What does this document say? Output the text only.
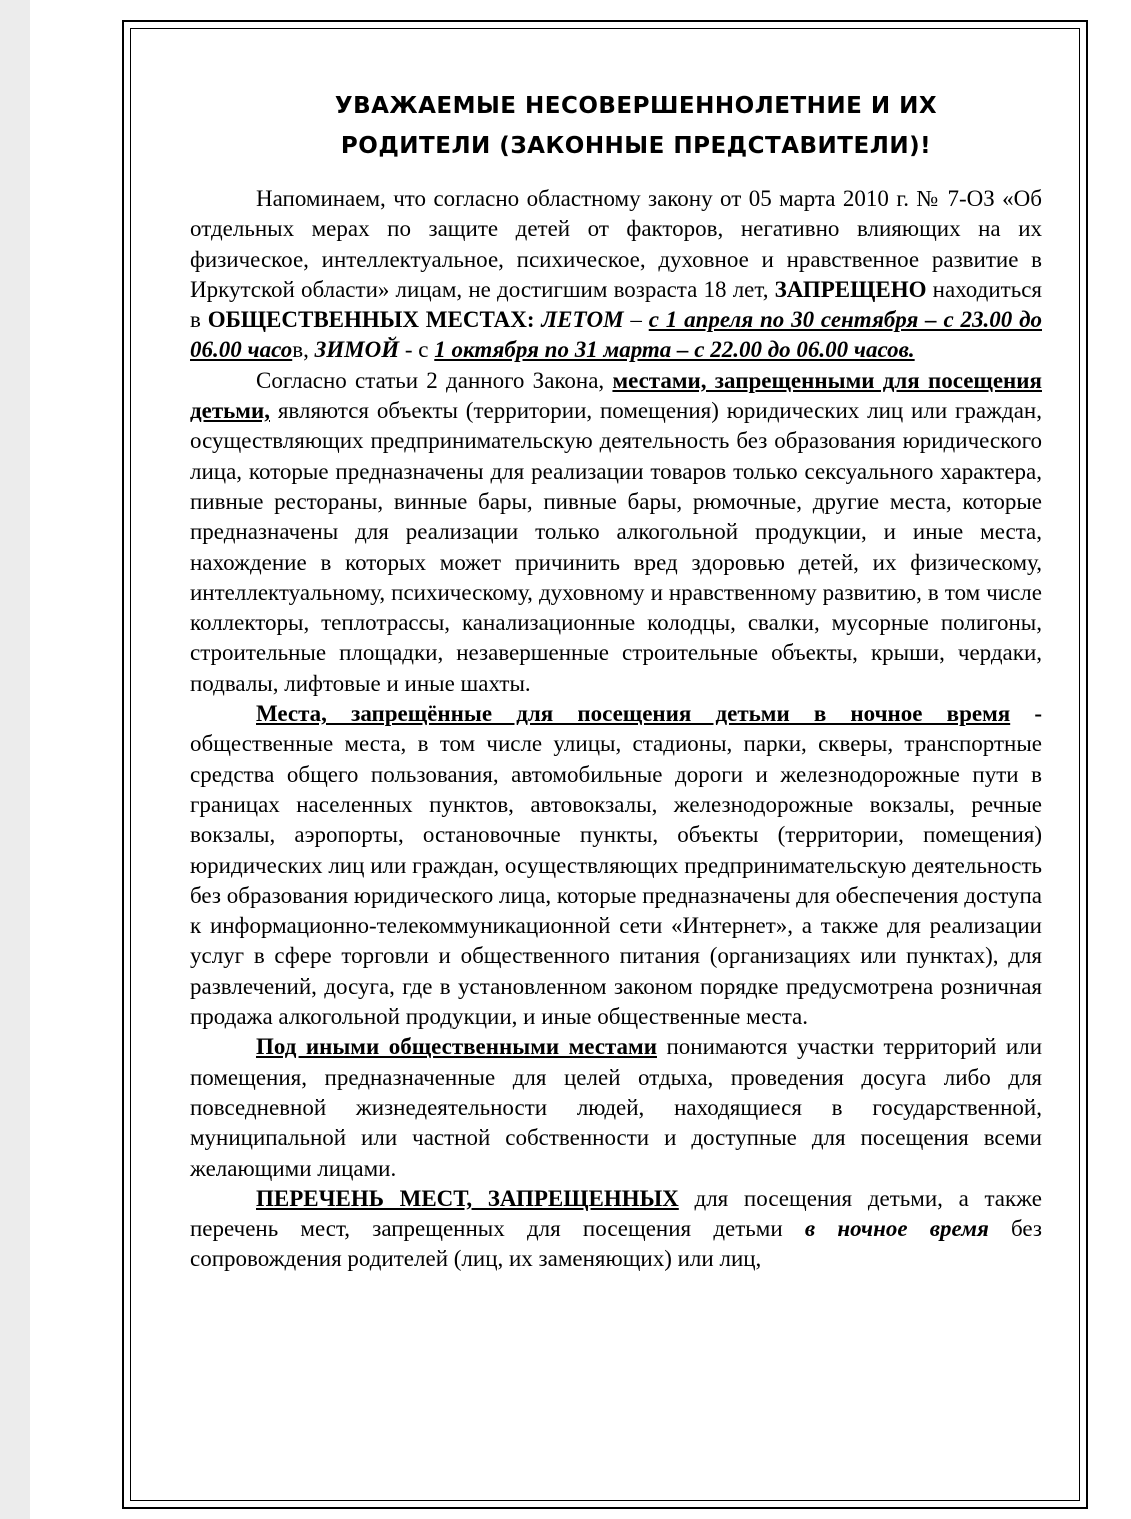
УВАЖАЕМЫЕ НЕСОВЕРШЕННОЛЕТНИЕ И ИХ
РОДИТЕЛИ (ЗАКОННЫЕ ПРЕДСТАВИТЕЛИ)!

Напоминаем, что согласно областному закону от 05 марта 2010 г. № 7-ОЗ «Об отдельных мерах по защите детей от факторов, негативно влияющих на их физическое, интеллектуальное, психическое, духовное и нравственное развитие в Иркутской области» лицам, не достигшим возраста 18 лет, ЗАПРЕЩЕНО находиться в ОБЩЕСТВЕННЫХ МЕСТАХ: ЛЕТОМ – с 1 апреля по 30 сентября – с 23.00 до 06.00 часов, ЗИМОЙ - с 1 октября по 31 марта – с 22.00 до 06.00 часов.

Согласно статьи 2 данного Закона, местами, запрещенными для посещения детьми, являются объекты (территории, помещения) юридических лиц или граждан, осуществляющих предпринимательскую деятельность без образования юридического лица, которые предназначены для реализации товаров только сексуального характера, пивные рестораны, винные бары, пивные бары, рюмочные, другие места, которые предназначены для реализации только алкогольной продукции, и иные места, нахождение в которых может причинить вред здоровью детей, их физическому, интеллектуальному, психическому, духовному и нравственному развитию, в том числе коллекторы, теплотрассы, канализационные колодцы, свалки, мусорные полигоны, строительные площадки, незавершенные строительные объекты, крыши, чердаки, подвалы, лифтовые и иные шахты.

Места, запрещённые для посещения детьми в ночное время - общественные места, в том числе улицы, стадионы, парки, скверы, транспортные средства общего пользования, автомобильные дороги и железнодорожные пути в границах населенных пунктов, автовокзалы, железнодорожные вокзалы, речные вокзалы, аэропорты, остановочные пункты, объекты (территории, помещения) юридических лиц или граждан, осуществляющих предпринимательскую деятельность без образования юридического лица, которые предназначены для обеспечения доступа к информационно-телекоммуникационной сети «Интернет», а также для реализации услуг в сфере торговли и общественного питания (организациях или пунктах), для развлечений, досуга, где в установленном законом порядке предусмотрена розничная продажа алкогольной продукции, и иные общественные места.

Под иными общественными местами понимаются участки территорий или помещения, предназначенные для целей отдыха, проведения досуга либо для повседневной жизнедеятельности людей, находящиеся в государственной, муниципальной или частной собственности и доступные для посещения всеми желающими лицами.

ПЕРЕЧЕНЬ МЕСТ, ЗАПРЕЩЕННЫХ для посещения детьми, а также перечень мест, запрещенных для посещения детьми в ночное время без сопровождения родителей (лиц, их заменяющих) или лиц,
